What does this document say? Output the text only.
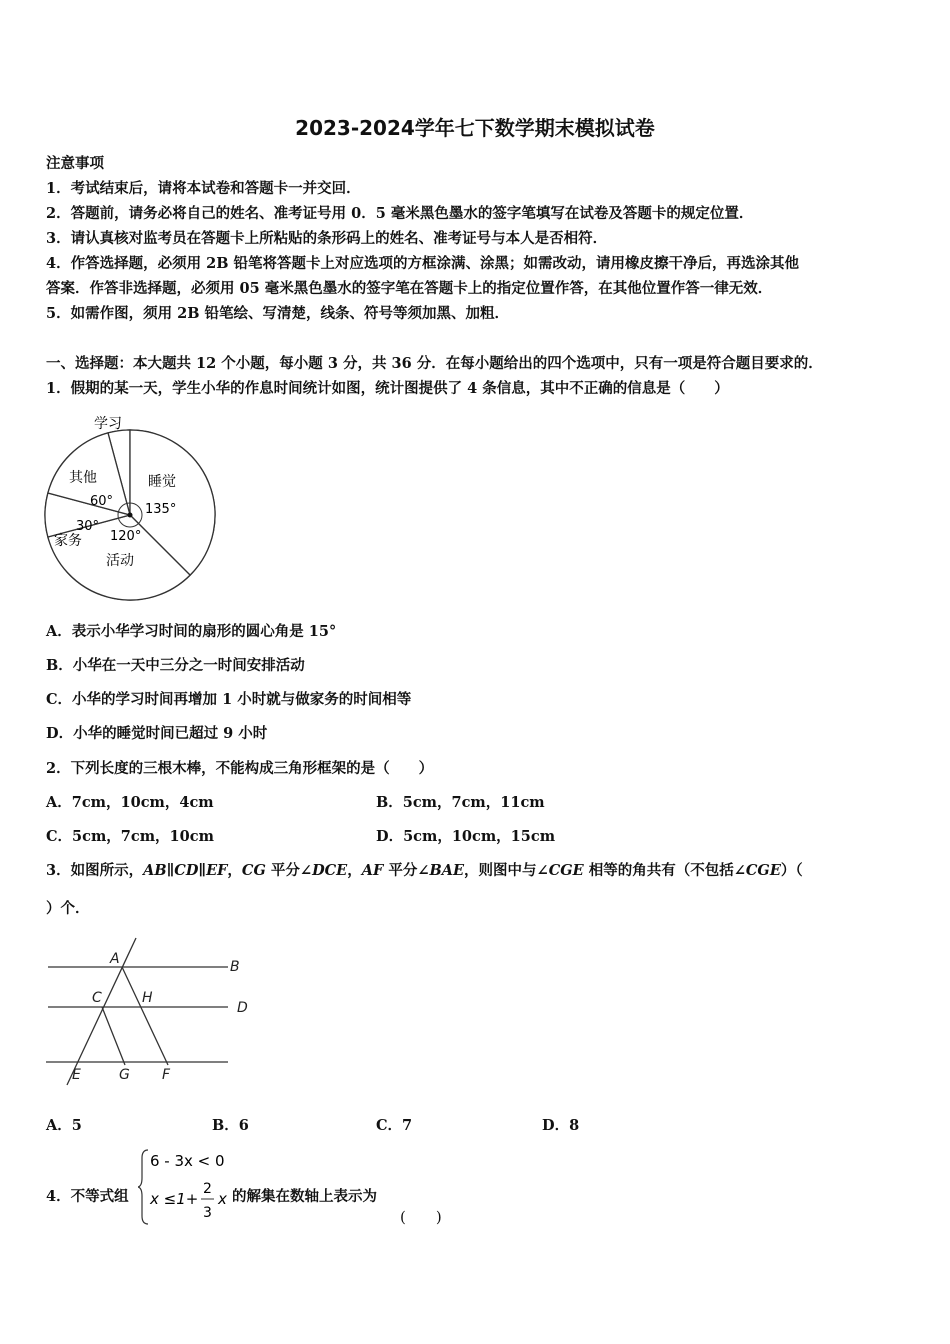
2023-2024学年七下数学期末模拟试卷
注意事项
1．考试结束后，请将本试卷和答题卡一并交回．
2．答题前，请务必将自己的姓名、准考证号用 0．5 毫米黑色墨水的签字笔填写在试卷及答题卡的规定位置．
3．请认真核对监考员在答题卡上所粘贴的条形码上的姓名、准考证号与本人是否相符．
4．作答选择题，必须用 2B 铅笔将答题卡上对应选项的方框涂满、涂黑；如需改动，请用橡皮擦干净后，再选涂其他
答案．作答非选择题，必须用 05 毫米黑色墨水的签字笔在答题卡上的指定位置作答，在其他位置作答一律无效．
5．如需作图，须用 2B 铅笔绘、写清楚，线条、符号等须加黑、加粗．
一、选择题：本大题共 12 个小题，每小题 3 分，共 36 分．在每小题给出的四个选项中，只有一项是符合题目要求的．
1．假期的某一天，学生小华的作息时间统计如图，统计图提供了 4 条信息，其中不正确的信息是（　　）
学习
睡觉
其他
60°
135°
30°
家务 120°
活动
A．表示小华学习时间的扇形的圆心角是 15°
B．小华在一天中三分之一时间安排活动
C．小华的学习时间再增加 1 小时就与做家务的时间相等
D．小华的睡觉时间已超过 9 小时
2．下列长度的三根木棒，不能构成三角形框架的是（　　）
A．7cm，10cm，4cm	B．5cm，7cm，11cm
C．5cm，7cm，10cm	D．5cm，10cm，15cm
3．如图所示，AB∥CD∥EF，CG 平分∠DCE，AF 平分∠BAE，则图中与∠CGE 相等的角共有（不包括∠CGE）（
）个．
A	B
C	H
D
E	G F
A．5	B．6	C．7	D．8
4．不等式组
6 - 3x < 0
x ≤1+
2
3
x 的解集在数轴上表示为
(　　)
